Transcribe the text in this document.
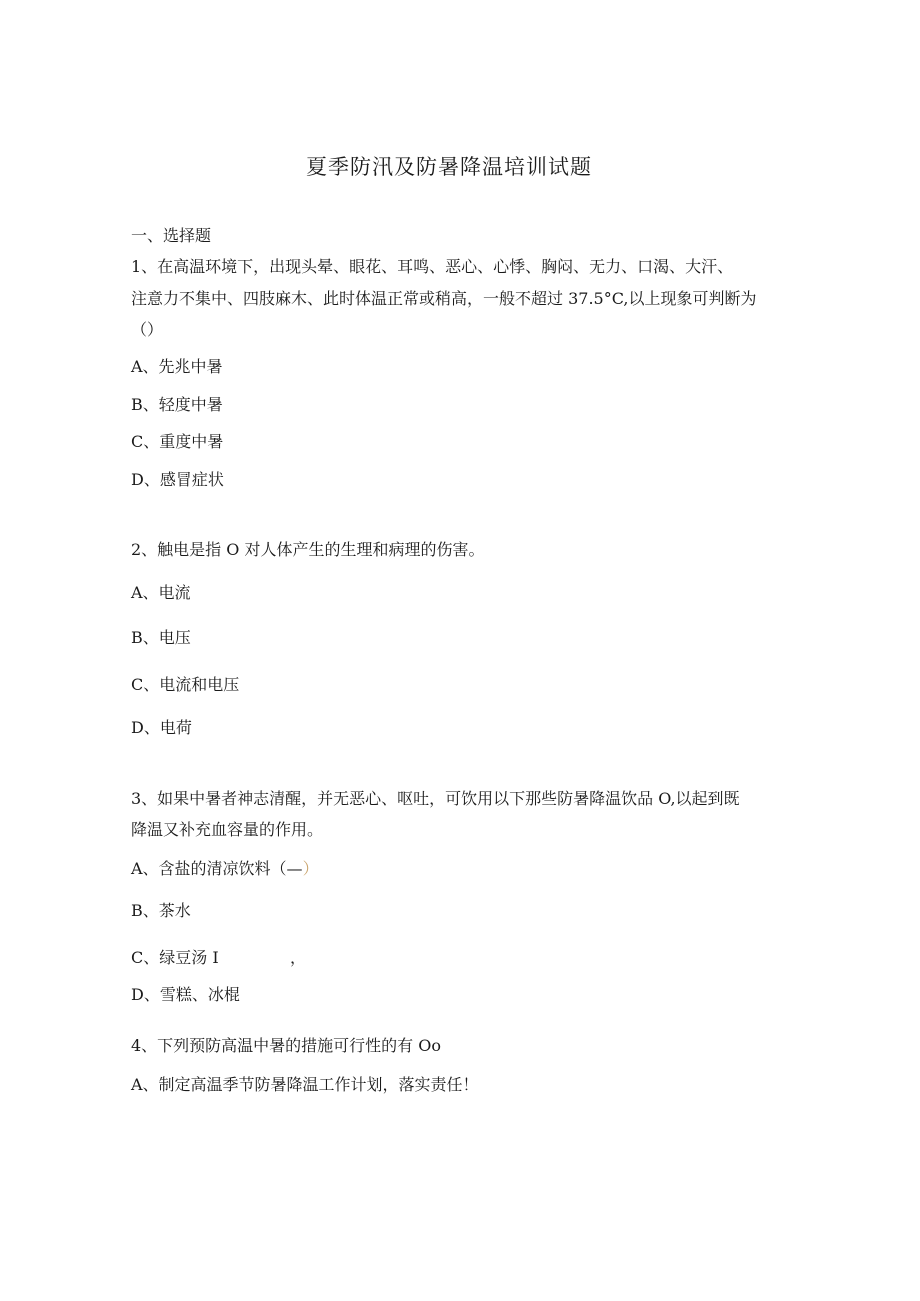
夏季防汛及防暑降温培训试题
一、选择题
1、在高温环境下，出现头晕、眼花、耳鸣、恶心、心悸、胸闷、无力、口渴、大汗、
注意力不集中、四肢麻木、此时体温正常或稍高，一般不超过 37.5°C,以上现象可判断为
（）
A、先兆中暑
B、轻度中暑
C、重度中暑
D、感冒症状
2、触电是指 O 对人体产生的生理和病理的伤害。
A、电流
B、电压
C、电流和电压
D、电荷
3、如果中暑者神志清醒，并无恶心、呕吐，可饮用以下那些防暑降温饮品 O,以起到既
降温又补充血容量的作用。
A、含盐的清凉饮料（—）
B、茶水
C、绿豆汤 I	，
D、雪糕、冰棍
4、下列预防高温中暑的措施可行性的有 Oo
A、制定高温季节防暑降温工作计划，落实责任！
